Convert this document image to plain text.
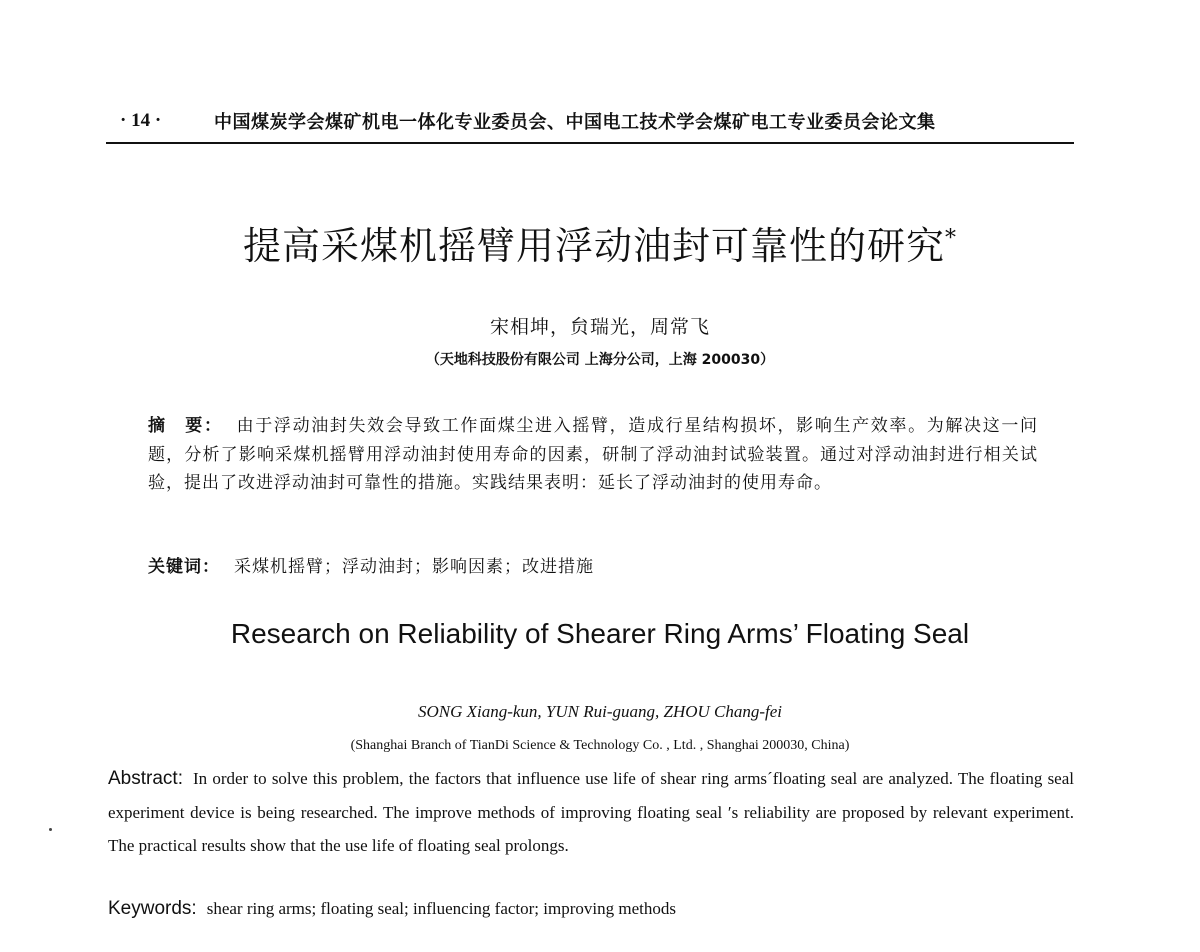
· 14 ·	中国煤炭学会煤矿机电一体化专业委员会、中国电工技术学会煤矿电工专业委员会论文集
提高采煤机摇臂用浮动油封可靠性的研究*
宋相坤，贠瑞光，周常飞
（天地科技股份有限公司 上海分公司，上海 200030）
摘　要： 由于浮动油封失效会导致工作面煤尘进入摇臂，造成行星结构损坏，影响生产效率。为解决这一问题，分析了影响采煤机摇臂用浮动油封使用寿命的因素，研制了浮动油封试验装置。通过对浮动油封进行相关试验，提出了改进浮动油封可靠性的措施。实践结果表明：延长了浮动油封的使用寿命。
关键词： 采煤机摇臂；浮动油封；影响因素；改进措施
Research on Reliability of Shearer Ring Arms’ Floating Seal
SONG Xiang-kun, YUN Rui-guang, ZHOU Chang-fei
(Shanghai Branch of TianDi Science & Technology Co. , Ltd. , Shanghai 200030, China)
Abstract: In order to solve this problem, the factors that influence use life of shear ring arms´floating seal are analyzed. The floating seal experiment device is being researched. The improve methods of improving floating seal ′s reliability are proposed by relevant experiment. The practical results show that the use life of floating seal prolongs.
Keywords: shear ring arms; floating seal; influencing factor; improving methods
